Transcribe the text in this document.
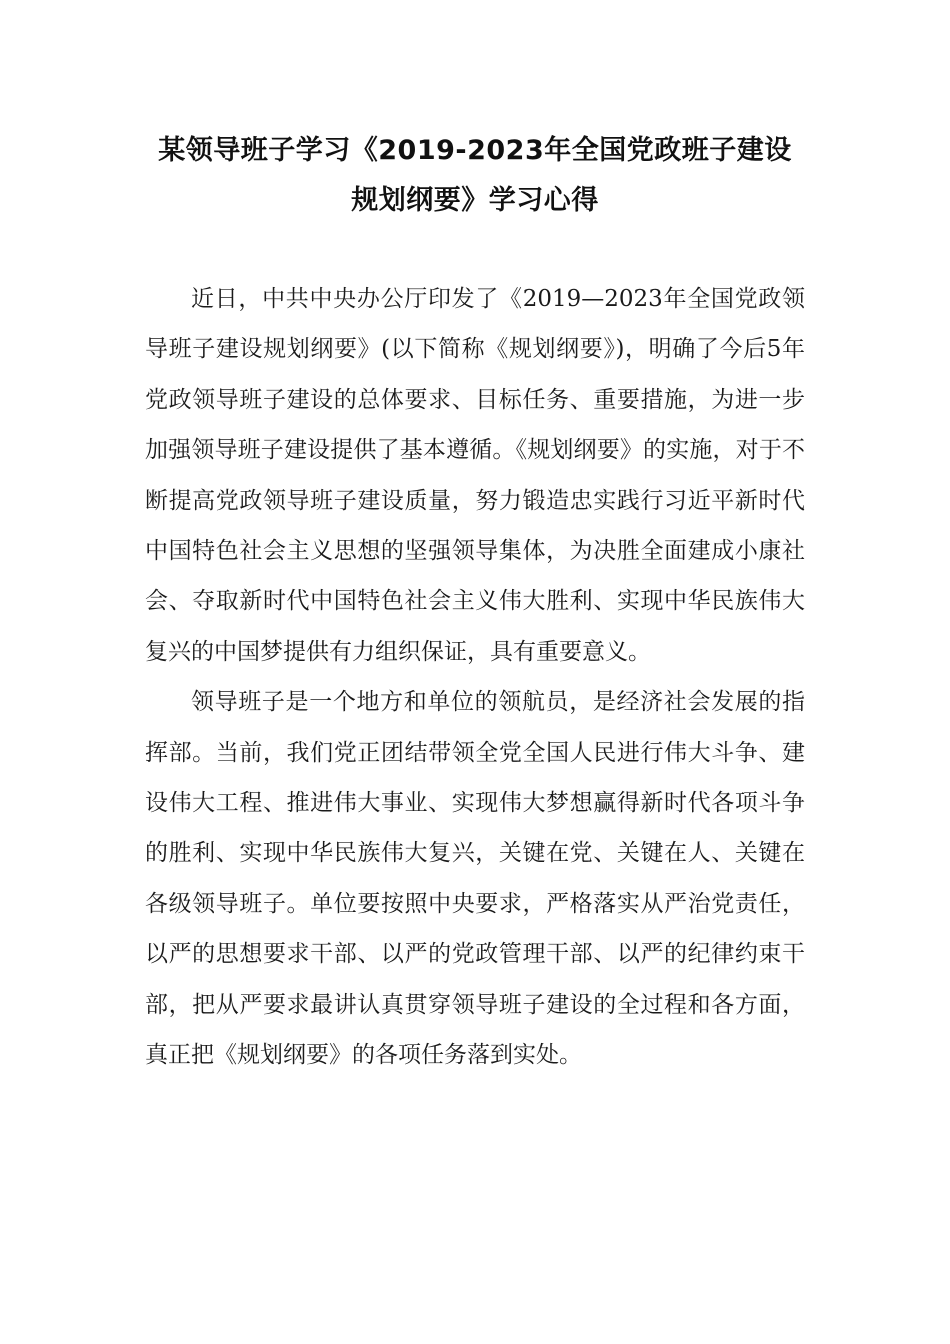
某领导班子学习《2019-2023年全国党政班子建设
规划纲要》学习心得

近日，中共中央办公厅印发了《2019—2023年全国党政领导班子建设规划纲要》(以下简称《规划纲要》)，明确了今后5年党政领导班子建设的总体要求、目标任务、重要措施，为进一步加强领导班子建设提供了基本遵循。《规划纲要》的实施，对于不断提高党政领导班子建设质量，努力锻造忠实践行习近平新时代中国特色社会主义思想的坚强领导集体，为决胜全面建成小康社会、夺取新时代中国特色社会主义伟大胜利、实现中华民族伟大复兴的中国梦提供有力组织保证，具有重要意义。

领导班子是一个地方和单位的领航员，是经济社会发展的指挥部。当前，我们党正团结带领全党全国人民进行伟大斗争、建设伟大工程、推进伟大事业、实现伟大梦想赢得新时代各项斗争的胜利、实现中华民族伟大复兴，关键在党、关键在人、关键在各级领导班子。单位要按照中央要求，严格落实从严治党责任，以严的思想要求干部、以严的党政管理干部、以严的纪律约束干部，把从严要求最讲认真贯穿领导班子建设的全过程和各方面，真正把《规划纲要》的各项任务落到实处。
